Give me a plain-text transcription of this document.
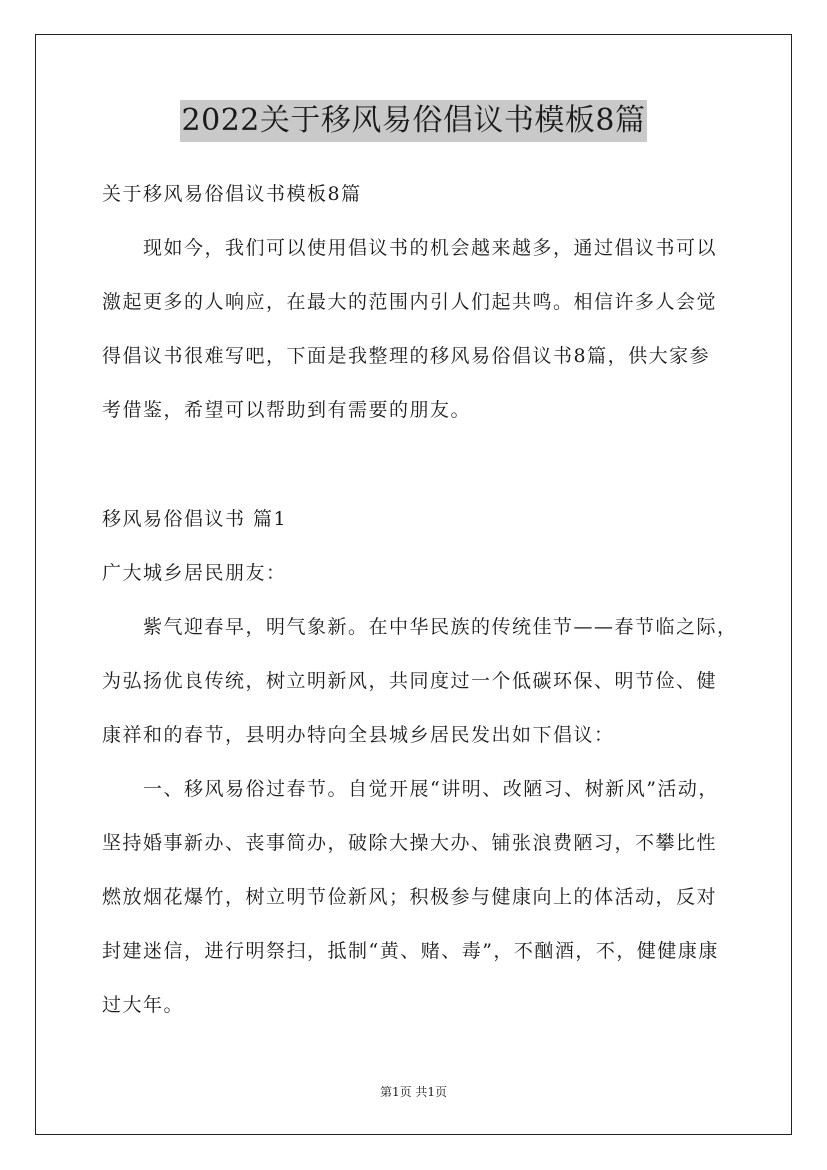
2022关于移风易俗倡议书模板8篇
关于移风易俗倡议书模板8篇
现如今，我们可以使用倡议书的机会越来越多，通过倡议书可以
激起更多的人响应，在最大的范围内引人们起共鸣。相信许多人会觉
得倡议书很难写吧，下面是我整理的移风易俗倡议书8篇，供大家参
考借鉴，希望可以帮助到有需要的朋友。
移风易俗倡议书 篇1
广大城乡居民朋友：
紫气迎春早，明气象新。在中华民族的传统佳节——春节临之际，
为弘扬优良传统，树立明新风，共同度过一个低碳环保、明节俭、健
康祥和的春节，县明办特向全县城乡居民发出如下倡议：
一、移风易俗过春节。自觉开展“讲明、改陋习、树新风”活动，
坚持婚事新办、丧事简办，破除大操大办、铺张浪费陋习，不攀比性
燃放烟花爆竹，树立明节俭新风；积极参与健康向上的体活动，反对
封建迷信，进行明祭扫，抵制“黄、赌、毒”，不酗酒，不，健健康康
过大年。
第1页 共1页
